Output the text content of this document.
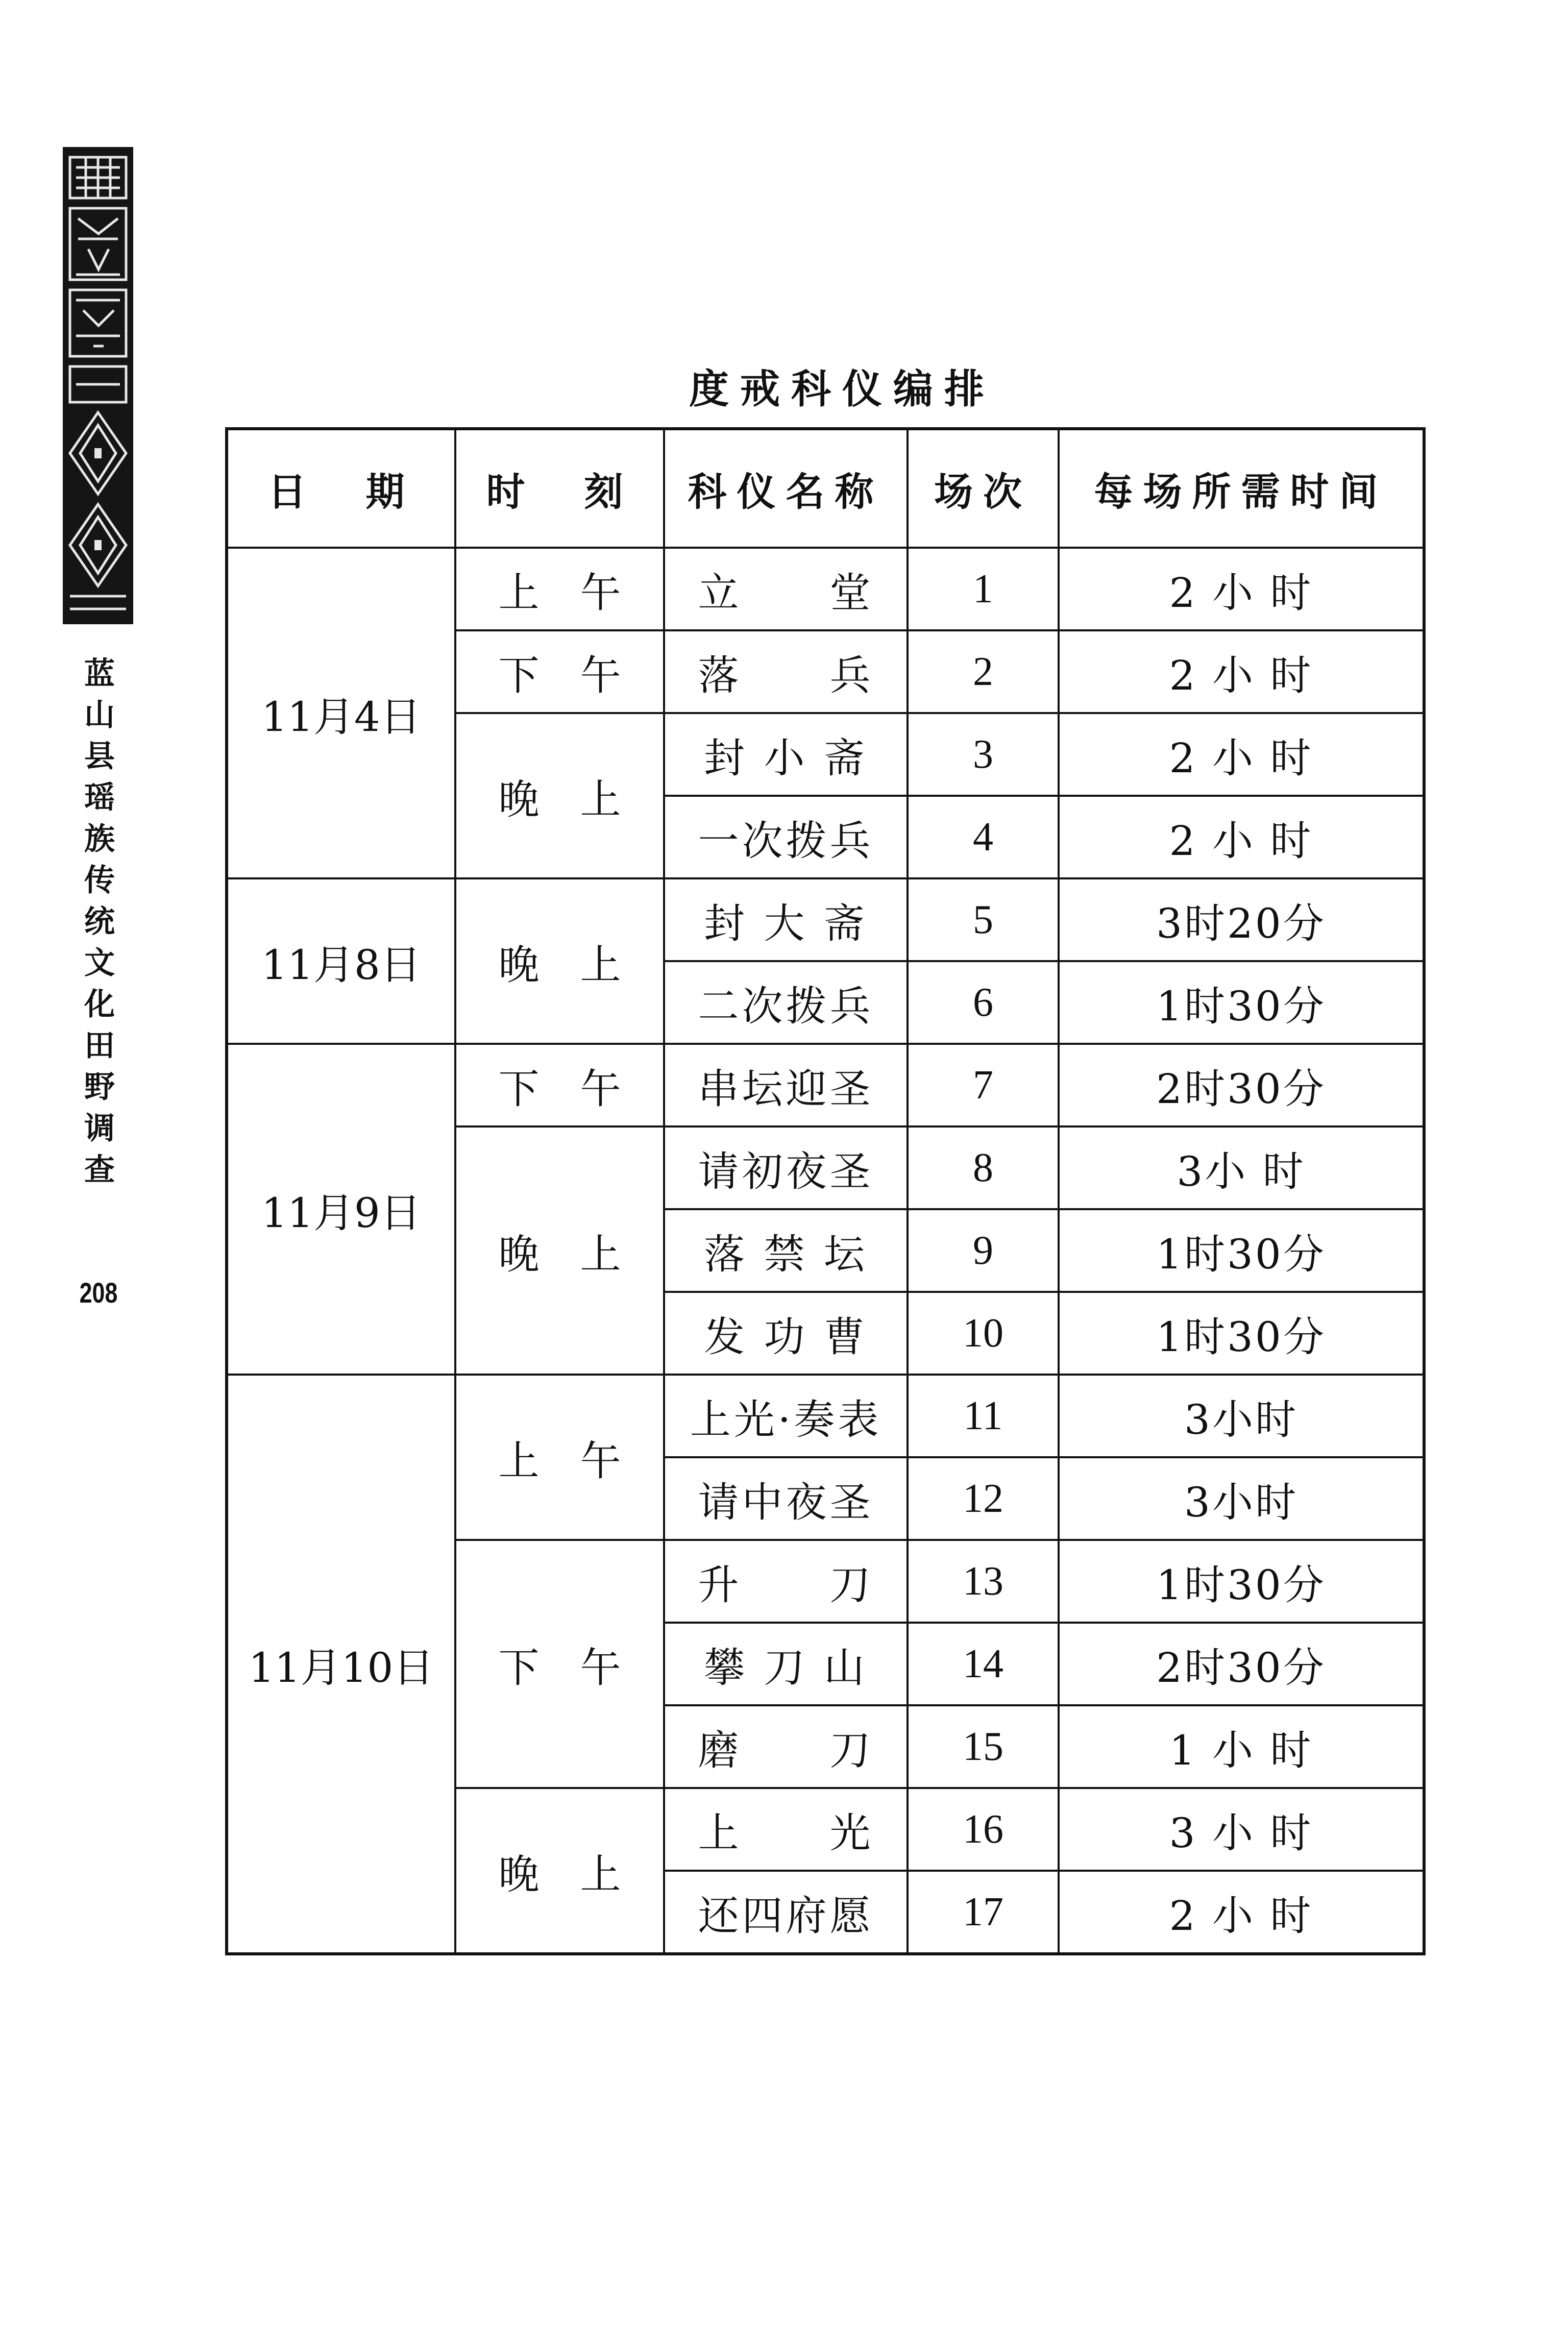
蓝
山
县
瑶
族
传
统
文
化
田
野
调
查
208
度戒科仪编排
日　期	时　刻	科仪名称	场次	每场所需时间
11月4日	上　午	立　　堂	1	2 小 时
	下　午	落　　兵	2	2 小 时
	晚　上	封 小 斋	3	2 小 时
		一次拨兵	4	2 小 时
11月8日	晚　上	封 大 斋	5	3时20分
		二次拨兵	6	1时30分
11月9日	下　午	串坛迎圣	7	2时30分
	晚　上	请初夜圣	8	3小 时
		落 禁 坛	9	1时30分
		发 功 曹	10	1时30分
11月10日	上　午	上光·奏表	11	3小时
		请中夜圣	12	3小时
	下　午	升　　刀	13	1时30分
		攀 刀 山	14	2时30分
		磨　　刀	15	1 小 时
	晚　上	上　　光	16	3 小 时
		还四府愿	17	2 小 时
